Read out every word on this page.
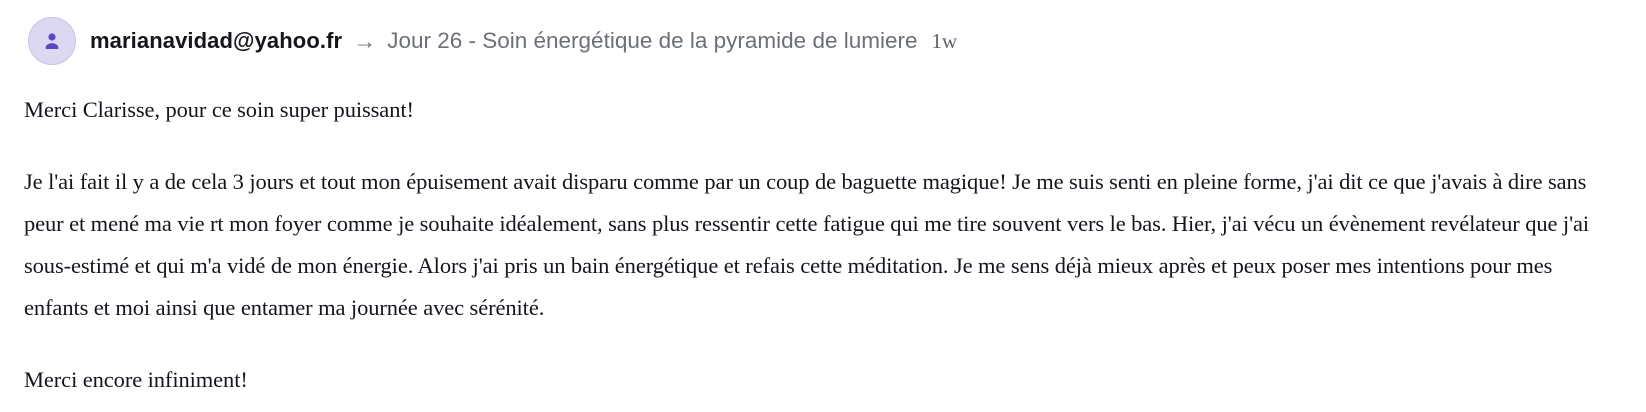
marianavidad@yahoo.fr → Jour 26 - Soin énergétique de la pyramide de lumiere 1w

Merci Clarisse, pour ce soin super puissant!

Je l'ai fait il y a de cela 3 jours et tout mon épuisement avait disparu comme par un coup de baguette magique! Je me suis senti en pleine forme, j'ai dit ce que j'avais à dire sans peur et mené ma vie rt mon foyer comme je souhaite idéalement, sans plus ressentir cette fatigue qui me tire souvent vers le bas. Hier, j'ai vécu un évènement revélateur que j'ai sous-estimé et qui m'a vidé de mon énergie. Alors j'ai pris un bain énergétique et refais cette méditation. Je me sens déjà mieux après et peux poser mes intentions pour mes enfants et moi ainsi que entamer ma journée avec sérénité.

Merci encore infiniment!
